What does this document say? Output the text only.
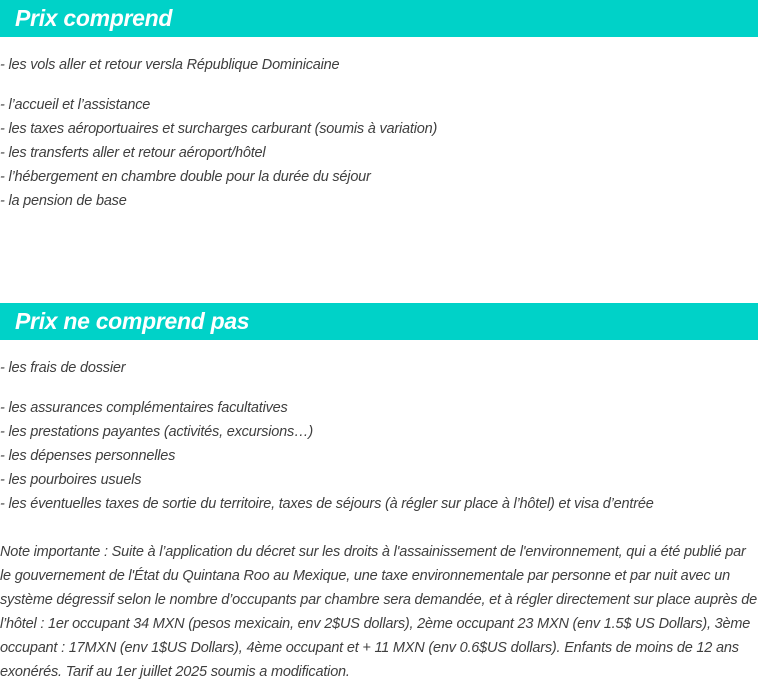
Prix comprend
- les vols aller et retour versla République Dominicaine
- l’accueil et l’assistance
- les taxes aéroportuaires et surcharges carburant (soumis à variation)
- les transferts aller et retour aéroport/hôtel
- l’hébergement en chambre double pour la durée du séjour
- la pension de base
Prix ne comprend pas
- les frais de dossier
- les assurances complémentaires facultatives
- les prestations payantes (activités, excursions…)
- les dépenses personnelles
- les pourboires usuels
- les éventuelles taxes de sortie du territoire, taxes de séjours (à régler sur place à l’hôtel) et visa d’entrée

Note importante : Suite à l’application du décret sur les droits à l'assainissement de l'environnement, qui a été publié par le gouvernement de l'État du Quintana Roo au Mexique, une taxe environnementale par personne et par nuit avec un système dégressif selon le nombre d’occupants par chambre sera demandée, et à régler directement sur place auprès de l’hôtel : 1er occupant 34 MXN (pesos mexicain, env 2$US dollars), 2ème occupant 23 MXN (env 1.5$ US Dollars), 3ème occupant : 17MXN (env 1$US Dollars), 4ème occupant et + 11 MXN (env 0.6$US dollars). Enfants de moins de 12 ans exonérés. Tarif au 1er juillet 2025 soumis a modification.
